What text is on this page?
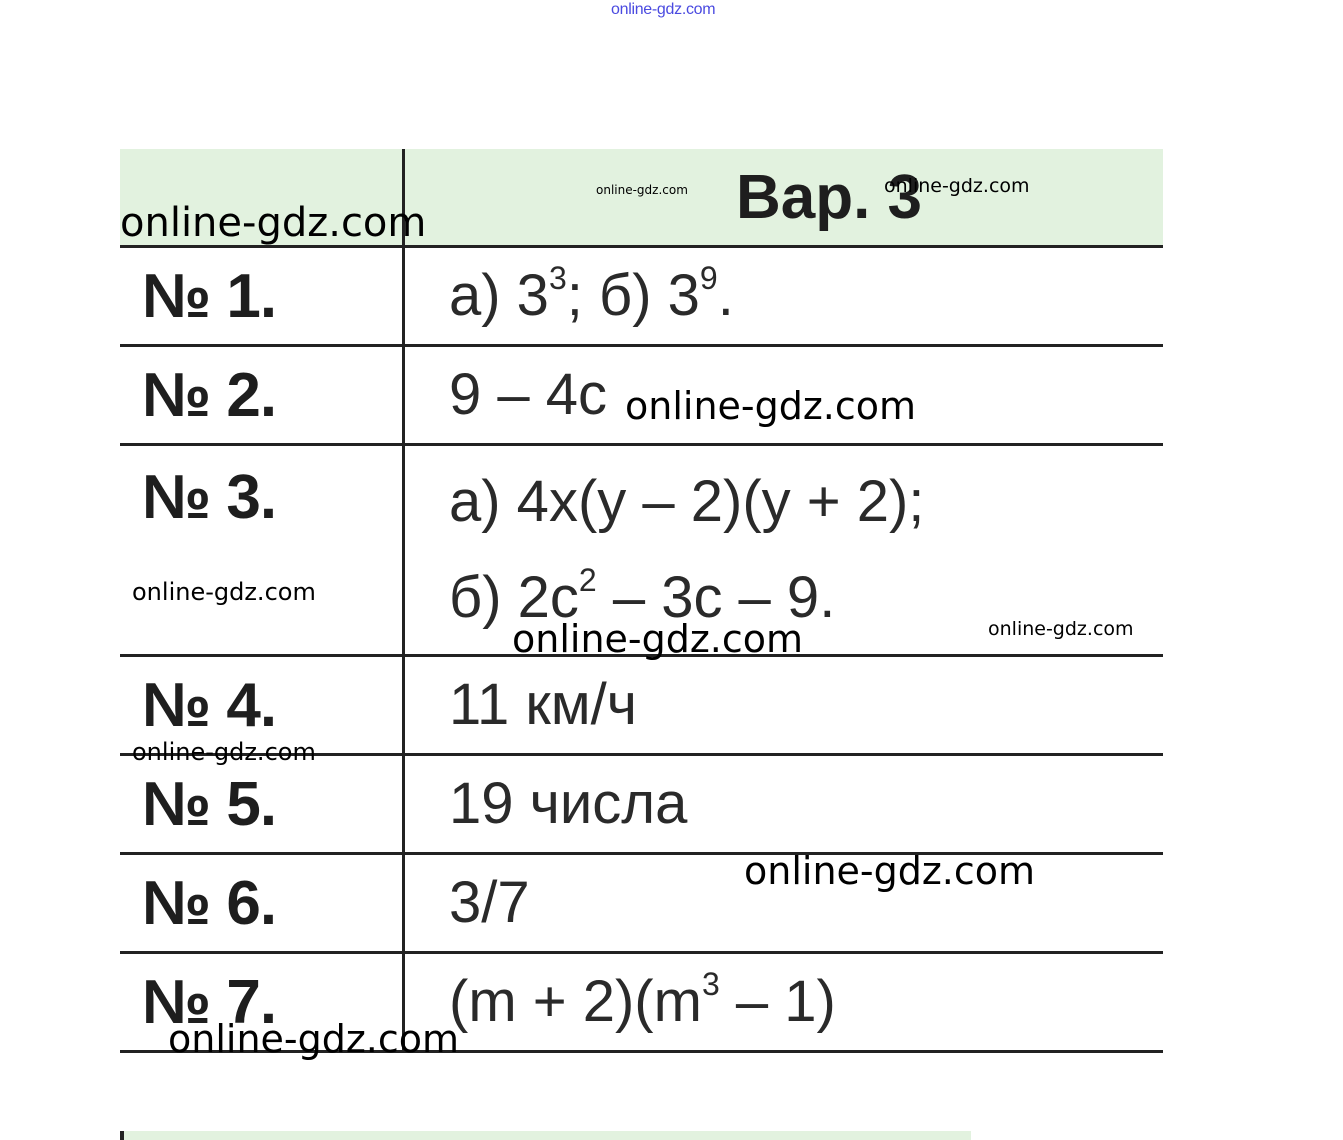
online-gdz.com

	Вар. 3

№ 1.	а) $3^3$; б) $3^9$.

№ 2.	9 – 4c

№ 3.	а) 4x(y – 2)(y + 2);
б) $2c^2 - 3c - 9$.

№ 4.	11 км/ч

№ 5.	19 числа

№ 6.	3/7

№ 7.	$(m + 2)(m^3 - 1)$
online-gdz.com
online-gdz.com	online-gdz.com
online-gdz.com
online-gdz.com
online-gdz.com	online-gdz.com
online-gdz.com
online-gdz.com
online-gdz.com
